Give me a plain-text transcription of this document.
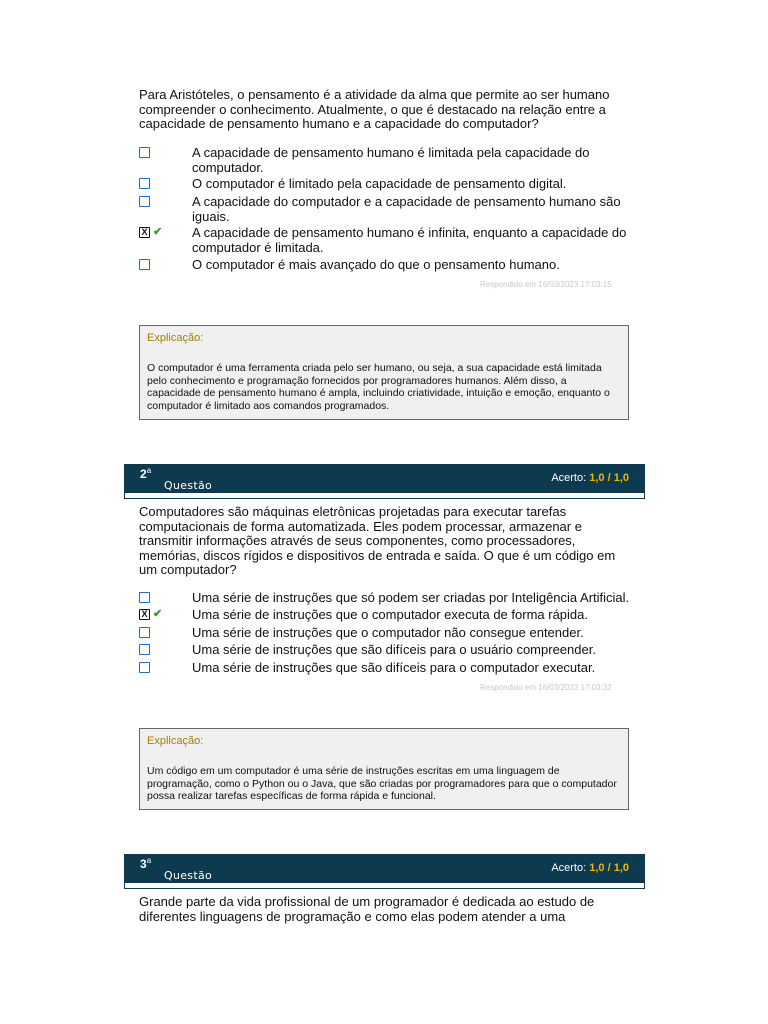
Para Aristóteles, o pensamento é a atividade da alma que permite ao ser humano compreender o conhecimento. Atualmente, o que é destacado na relação entre a capacidade de pensamento humano e a capacidade do computador?
A capacidade de pensamento humano é limitada pela capacidade do computador.
O computador é limitado pela capacidade de pensamento digital.
A capacidade do computador e a capacidade de pensamento humano são iguais.
X ✔ A capacidade de pensamento humano é infinita, enquanto a capacidade do computador é limitada.
O computador é mais avançado do que o pensamento humano.
Respondido em 16/03/2023 17:03:15
Explicação:
O computador é uma ferramenta criada pelo ser humano, ou seja, a sua capacidade está limitada pelo conhecimento e programação fornecidos por programadores humanos. Além disso, a capacidade de pensamento humano é ampla, incluindo criatividade, intuição e emoção, enquanto o computador é limitado aos comandos programados.
2$^a$
Questão
Acerto: 1,0 / 1,0
Computadores são máquinas eletrônicas projetadas para executar tarefas computacionais de forma automatizada. Eles podem processar, armazenar e transmitir informações através de seus componentes, como processadores, memórias, discos rígidos e dispositivos de entrada e saída. O que é um código em um computador?
Uma série de instruções que só podem ser criadas por Inteligência Artificial.
X ✔ Uma série de instruções que o computador executa de forma rápida.
Uma série de instruções que o computador não consegue entender.
Uma série de instruções que são difíceis para o usuário compreender.
Uma série de instruções que são difíceis para o computador executar.
Respondido em 16/03/2023 17:03:32
Explicação:
Um código em um computador é uma série de instruções escritas em uma linguagem de programação, como o Python ou o Java, que são criadas por programadores para que o computador possa realizar tarefas específicas de forma rápida e funcional.
3$^a$
Questão
Acerto: 1,0 / 1,0
Grande parte da vida profissional de um programador é dedicada ao estudo de diferentes linguagens de programação e como elas podem atender a uma
